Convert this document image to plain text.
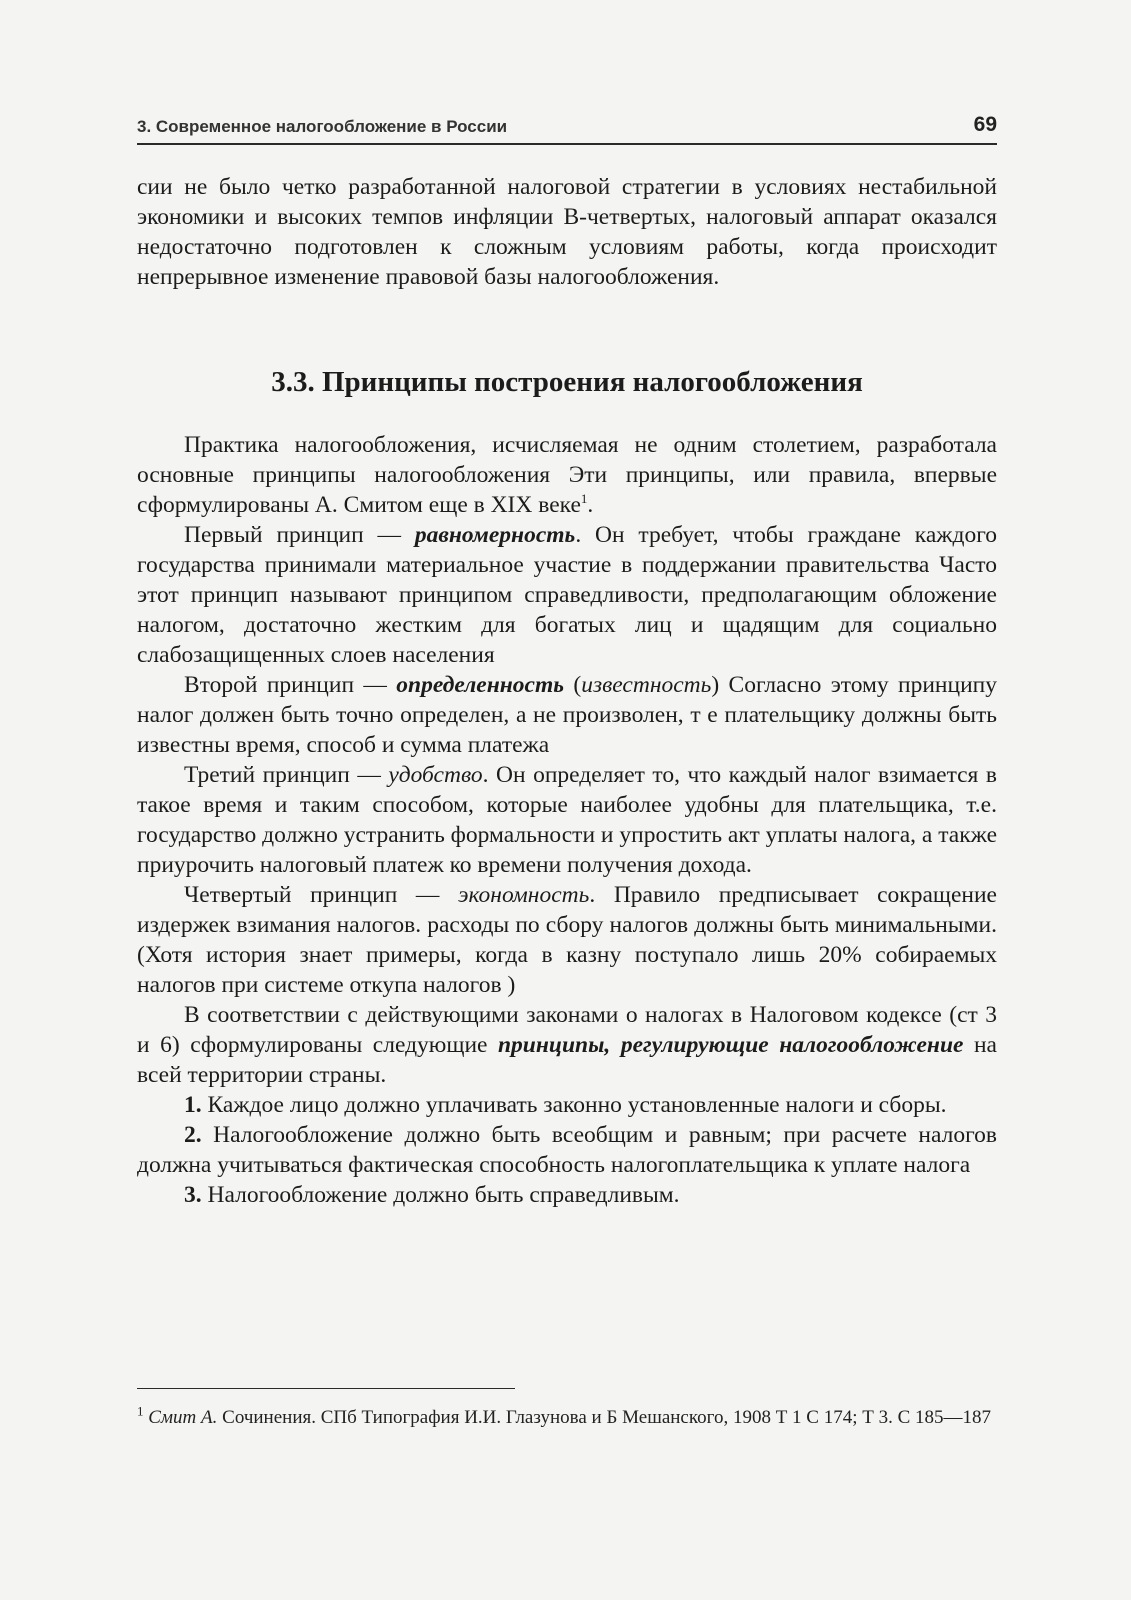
3. Современное налогообложение в России	69

сии не было четко разработанной налоговой стратегии в условиях нестабильной экономики и высоких темпов инфляции В-четвертых, налоговый аппарат оказался недостаточно подготовлен к сложным условиям работы, когда происходит непрерывное изменение правовой базы налогообложения.

3.3. Принципы построения налогообложения

Практика налогообложения, исчисляемая не одним столетием, разработала основные принципы налогообложения Эти принципы, или правила, впервые сформулированы А. Смитом еще в XIX веке$^1$.

Первый принцип — равномерность. Он требует, чтобы граждане каждого государства принимали материальное участие в поддержании правительства Часто этот принцип называют принципом справедливости, предполагающим обложение налогом, достаточно жестким для богатых лиц и щадящим для социально слабозащищенных слоев населения

Второй принцип — определенность (известность) Согласно этому принципу налог должен быть точно определен, а не произволен, т е плательщику должны быть известны время, способ и сумма платежа

Третий принцип — удобство. Он определяет то, что каждый налог взимается в такое время и таким способом, которые наиболее удобны для плательщика, т.е. государство должно устранить формальности и упростить акт уплаты налога, а также приурочить налоговый платеж ко времени получения дохода.

Четвертый принцип — экономность. Правило предписывает сокращение издержек взимания налогов. расходы по сбору налогов должны быть минимальными. (Хотя история знает примеры, когда в казну поступало лишь 20% собираемых налогов при системе откупа налогов )

В соответствии с действующими законами о налогах в Налоговом кодексе (ст 3 и 6) сформулированы следующие принципы, регулирующие налогообложение на всей территории страны.

1. Каждое лицо должно уплачивать законно установленные налоги и сборы.

2. Налогообложение должно быть всеобщим и равным; при расчете налогов должна учитываться фактическая способность налогоплательщика к уплате налога

3. Налогообложение должно быть справедливым.

$^1$ Смит А. Сочинения. СПб Типография И.И. Глазунова и Б Мешанского, 1908 Т 1 С 174; Т 3. С 185—187
